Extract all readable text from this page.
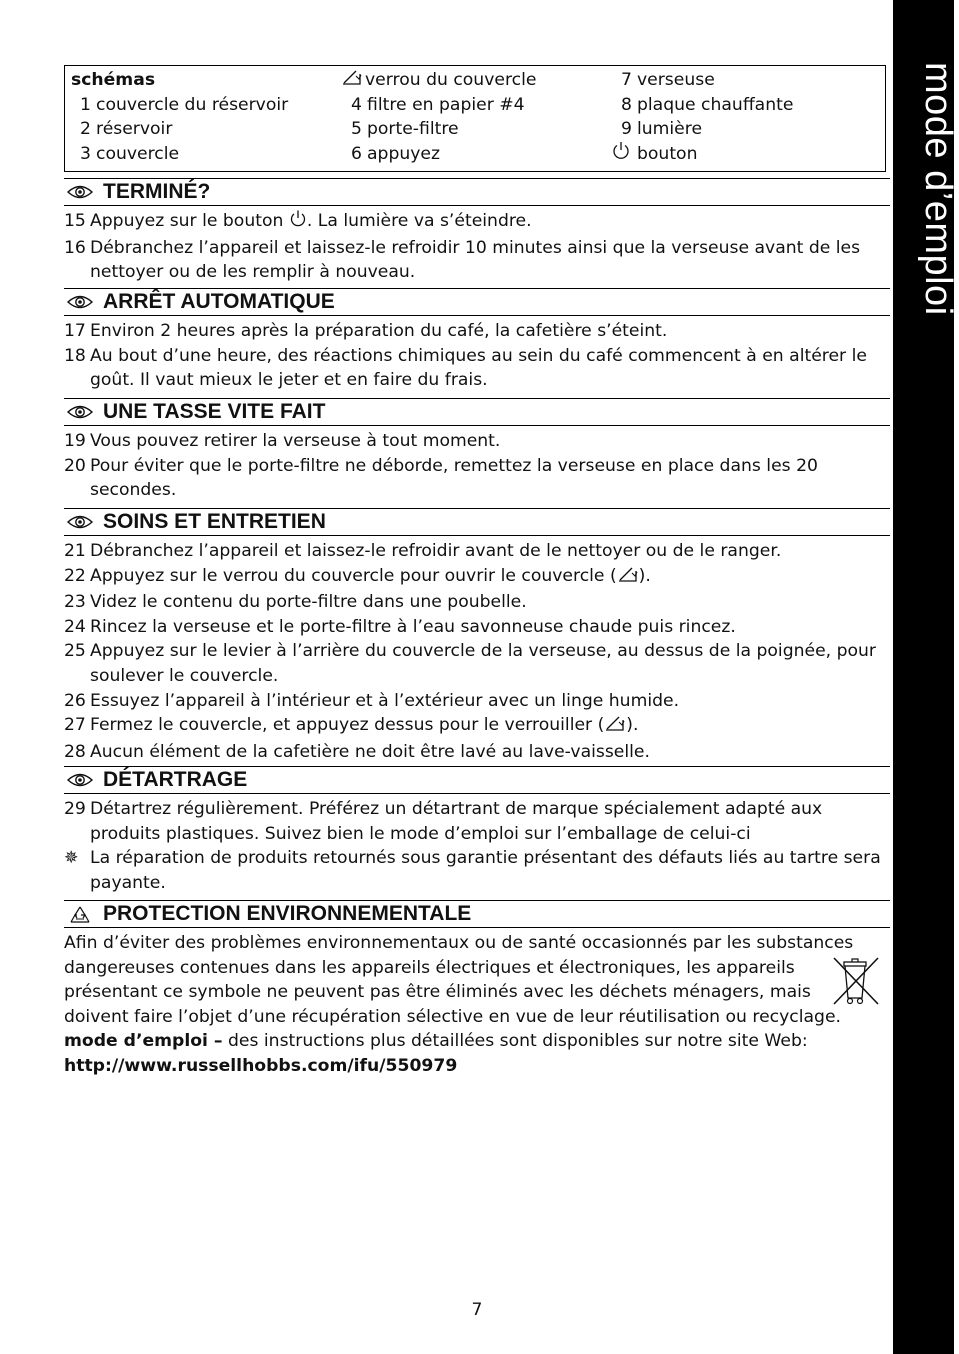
mode d’emploi
schémas
1 couvercle du réservoir
2 réservoir
3 couvercle
verrou du couvercle
4 filtre en papier #4
5 porte-filtre
6 appuyez
7 verseuse
8 plaque chauffante
9 lumière
bouton
TERMINÉ?
15 Appuyez sur le bouton . La lumière va s’éteindre.
16 Débranchez l’appareil et laissez-le refroidir 10 minutes ainsi que la verseuse avant de les nettoyer ou de les remplir à nouveau.
ARRÊT AUTOMATIQUE
17 Environ 2 heures après la préparation du café, la cafetière s’éteint.
18 Au bout d’une heure, des réactions chimiques au sein du café commencent à en altérer le goût. Il vaut mieux le jeter et en faire du frais.
UNE TASSE VITE FAIT
19 Vous pouvez retirer la verseuse à tout moment.
20 Pour éviter que le porte-filtre ne déborde, remettez la verseuse en place dans les 20 secondes.
SOINS ET ENTRETIEN
21 Débranchez l’appareil et laissez-le refroidir avant de le nettoyer ou de le ranger.
22 Appuyez sur le verrou du couvercle pour ouvrir le couvercle ( ).
23 Videz le contenu du porte-filtre dans une poubelle.
24 Rincez la verseuse et le porte-filtre à l’eau savonneuse chaude puis rincez.
25 Appuyez sur le levier à l’arrière du couvercle de la verseuse, au dessus de la poignée, pour soulever le couvercle.
26 Essuyez l’appareil à l’intérieur et à l’extérieur avec un linge humide.
27 Fermez le couvercle, et appuyez dessus pour le verrouiller ( ).
28 Aucun élément de la cafetière ne doit être lavé au lave-vaisselle.
DÉTARTRAGE
29 Détartrez régulièrement. Préférez un détartrant de marque spécialement adapté aux produits plastiques. Suivez bien le mode d’emploi sur l’emballage de celui-ci
✵ La réparation de produits retournés sous garantie présentant des défauts liés au tartre sera payante.
PROTECTION ENVIRONNEMENTALE
Afin d’éviter des problèmes environnementaux ou de santé occasionnés par les substances dangereuses contenues dans les appareils électriques et électroniques, les appareils présentant ce symbole ne peuvent pas être éliminés avec les déchets ménagers, mais doivent faire l’objet d’une récupération sélective en vue de leur réutilisation ou recyclage.
mode d’emploi – des instructions plus détaillées sont disponibles sur notre site Web:
http://www.russellhobbs.com/ifu/550979
7
